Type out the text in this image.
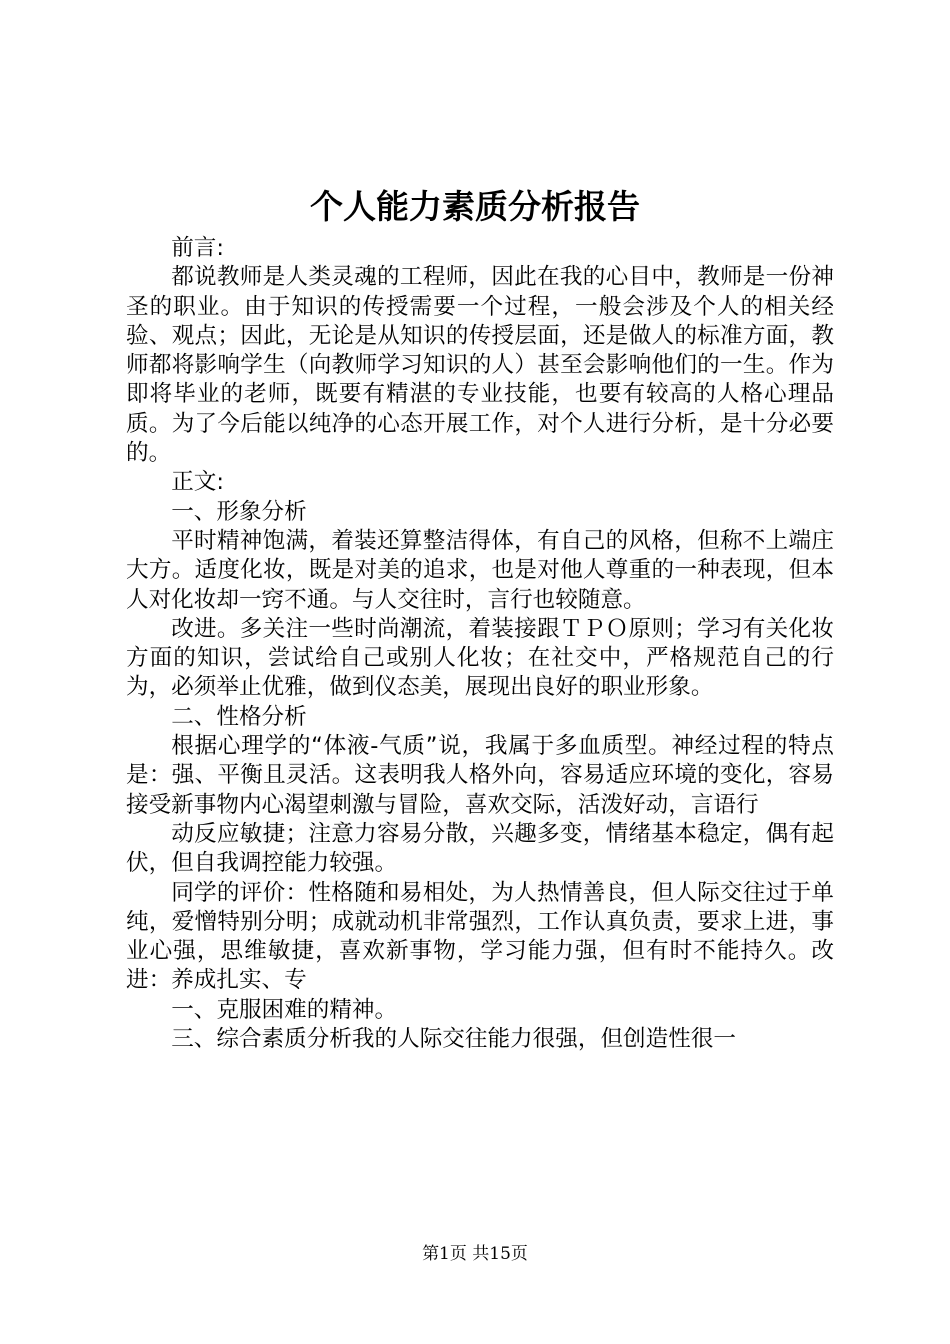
个人能力素质分析报告

前言:

都说教师是人类灵魂的工程师，因此在我的心目中，教师是一份神圣的职业。由于知识的传授需要一个过程，一般会涉及个人的相关经验、观点；因此，无论是从知识的传授层面，还是做人的标准方面，教师都将影响学生（向教师学习知识的人）甚至会影响他们的一生。作为即将毕业的老师，既要有精湛的专业技能，也要有较高的人格心理品质。为了今后能以纯净的心态开展工作，对个人进行分析，是十分必要的。

正文:

一、形象分析

平时精神饱满，着装还算整洁得体，有自己的风格，但称不上端庄大方。适度化妆，既是对美的追求，也是对他人尊重的一种表现，但本人对化妆却一窍不通。与人交往时，言行也较随意。

改进。多关注一些时尚潮流，着装接跟ＴＰＯ原则；学习有关化妆方面的知识，尝试给自己或别人化妆；在社交中，严格规范自己的行为，必须举止优雅，做到仪态美，展现出良好的职业形象。

二、性格分析

根据心理学的“体液-气质”说，我属于多血质型。神经过程的特点是：强、平衡且灵活。这表明我人格外向，容易适应环境的变化，容易接受新事物内心渴望刺激与冒险，喜欢交际，活泼好动，言语行

动反应敏捷；注意力容易分散，兴趣多变，情绪基本稳定，偶有起伏，但自我调控能力较强。

同学的评价：性格随和易相处，为人热情善良，但人际交往过于单纯，爱憎特别分明；成就动机非常强烈，工作认真负责，要求上进，事业心强，思维敏捷，喜欢新事物，学习能力强，但有时不能持久。改进：养成扎实、专

一、克服困难的精神。

三、综合素质分析我的人际交往能力很强，但创造性很一

第1页 共15页
